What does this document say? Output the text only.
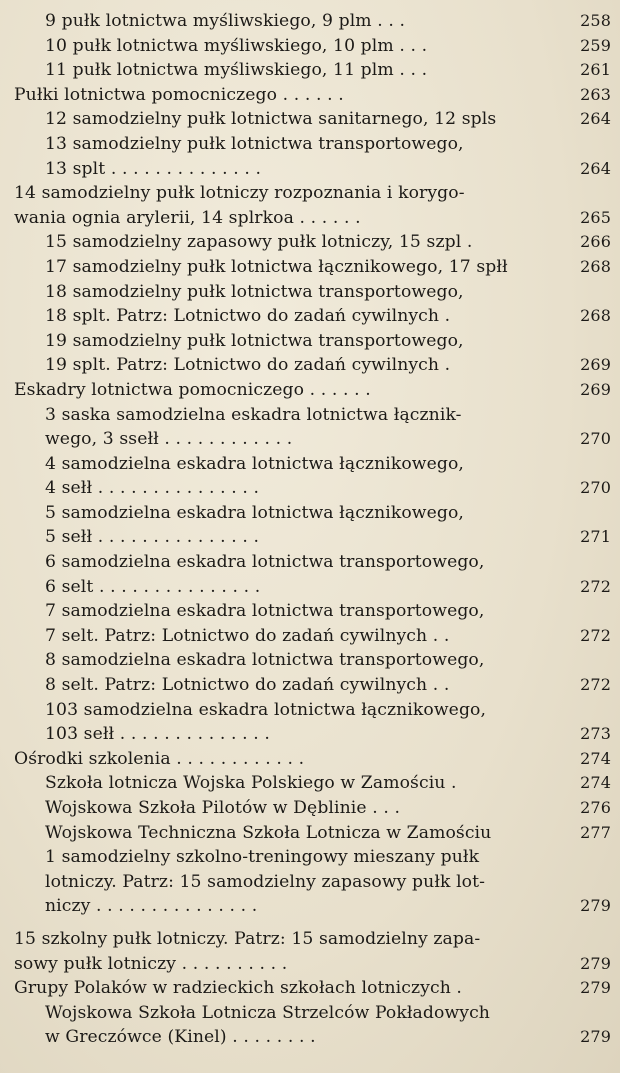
9 pułk lotnictwa myśliwskiego, 9 plm . . .	258
10 pułk lotnictwa myśliwskiego, 10 plm . . .	259
11 pułk lotnictwa myśliwskiego, 11 plm . . .	261
Pułki lotnictwa pomocniczego . . . . . .	263
12 samodzielny pułk lotnictwa sanitarnego, 12 spls	264
13 samodzielny pułk lotnictwa transportowego,
13 splt . . . . . . . . . . . . . .	264
14 samodzielny pułk lotniczy rozpoznania i korygo-
wania ognia arylerii, 14 splrkoa . . . . . .	265
15 samodzielny zapasowy pułk lotniczy, 15 szpl .	266
17 samodzielny pułk lotnictwa łącznikowego, 17 spłł	268
18 samodzielny pułk lotnictwa transportowego,
18 splt. Patrz: Lotnictwo do zadań cywilnych .	268
19 samodzielny pułk lotnictwa transportowego,
19 splt. Patrz: Lotnictwo do zadań cywilnych .	269
Eskadry lotnictwa pomocniczego . . . . . .	269
3 saska samodzielna eskadra lotnictwa łącznik-
wego, 3 ssełł . . . . . . . . . . . .	270
4 samodzielna eskadra lotnictwa łącznikowego,
4 sełł . . . . . . . . . . . . . . .	270
5 samodzielna eskadra lotnictwa łącznikowego,
5 sełł . . . . . . . . . . . . . . .	271
6 samodzielna eskadra lotnictwa transportowego,
6 selt . . . . . . . . . . . . . . .	272
7 samodzielna eskadra lotnictwa transportowego,
7 selt. Patrz: Lotnictwo do zadań cywilnych . .	272
8 samodzielna eskadra lotnictwa transportowego,
8 selt. Patrz: Lotnictwo do zadań cywilnych . .	272
103 samodzielna eskadra lotnictwa łącznikowego,
103 sełł . . . . . . . . . . . . . .	273
Ośrodki szkolenia . . . . . . . . . . . .	274
Szkoła lotnicza Wojska Polskiego w Zamościu .	274
Wojskowa Szkoła Pilotów w Dęblinie . . .	276
Wojskowa Techniczna Szkoła Lotnicza w Zamościu	277
1 samodzielny szkolno-treningowy mieszany pułk
lotniczy. Patrz: 15 samodzielny zapasowy pułk lot-
niczy . . . . . . . . . . . . . . .	279
15 szkolny pułk lotniczy. Patrz: 15 samodzielny zapa-
sowy pułk lotniczy . . . . . . . . . .	279
Grupy Polaków w radzieckich szkołach lotniczych .	279
Wojskowa Szkoła Lotnicza Strzelców Pokładowych
w Greczówce (Kinel) . . . . . . . .	279
